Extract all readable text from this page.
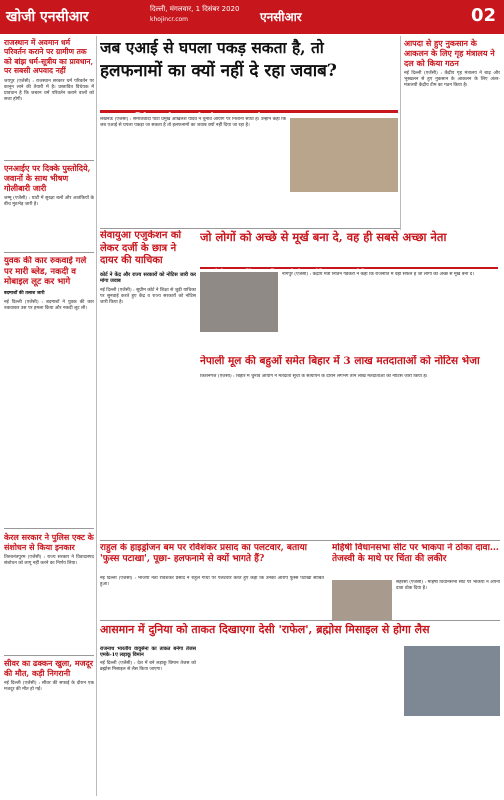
खोजी एनसीआर	दिल्ली, मंगलवार, 1 दिसंबर 2020
khojincr.com	एनसीआर	02
राजस्थान में अवमान धर्म परिवर्तन कराने पर ग्रामीण तक को बांझ धर्म-सूत्रीय का प्रावधान, पर सबसी अपवाद नहीं
जयपुर (एजेंसी) : राजस्थान सरकार धर्म परिवर्तन पर कानून लाने की तैयारी में है। प्रस्तावित विधेयक में प्रावधान है कि जबरन धर्म परिवर्तन कराने वालों को सजा होगी।
एनआईए पर दिक्के पुस्तोदिये, जवानों के साथ भीषण गोलीबारी जारी
जम्मू (एजेंसी) : घाटी में सुरक्षा बलों और आतंकियों के बीच मुठभेड़ जारी है।
युवक की कार रुकवाई गले पर मारी ब्लेड, नकदी व मोबाइल लूट कर भागे
बदमाशों की तलाश जारी
नई दिल्ली (एजेंसी) : बदमाशों ने युवक की कार रुकवाकर उस पर हमला किया और नकदी लूट ली।
केरल सरकार ने पुलिस एक्ट के संशोधन से किया इनकार
तिरुवनंतपुरम (एजेंसी) : राज्य सरकार ने विवादास्पद संशोधन को लागू नहीं करने का निर्णय लिया।
सीवर का ढक्कन खुला, मजदूर की मौत, कड़ी निगरानी
नई दिल्ली (एजेंसी) : सीवर की सफाई के दौरान एक मजदूर की मौत हो गई।
जब एआई से घपला पकड़ सकता है, तो
हलफनामों का क्यों नहीं दे रहा जवाब?
लखनऊ (एजेंसी) : समाजवादी पार्टी प्रमुख अखिलेश यादव ने चुनाव आयोग पर निशाना साधा है। उन्होंने कहा कि जब एआई से घपला पकड़ा जा सकता है तो हलफनामों का जवाब क्यों नहीं दिया जा रहा है।
सेवायुआ एजुकेशन को लेकर दर्जी के छात्र ने दायर की याचिका
कोर्ट ने केंद्र और राज्य सरकारों को नोटिस जारी कर मांगा जवाब
नई दिल्ली (एजेंसी) : सुप्रीम कोर्ट ने शिक्षा से जुड़ी याचिका पर सुनवाई करते हुए केंद्र व राज्य सरकारों को नोटिस जारी किया है।
जो लोगों को अच्छे से मूर्ख बना दे, वह ही सबसे अच्छा नेता
नागपुर (एजेंसी) : केंद्रीय मंत्री नितिन गडकरी ने कहा कि राजनीति में वही सफल है जो लोगों को अच्छे से मूर्ख बना दे।
नेपाली मूल की बहुओं समेत बिहार में 3 लाख मतदाताओं को नोटिस भेजा
किशनगंज (एजेंसी) : बिहार में चुनाव आयोग ने मतदाता सूची के सत्यापन के दौरान लगभग तीन लाख मतदाताओं को नोटिस जारी किया है।
राहुल के हाइड्रोजन बम पर रविशंकर प्रसाद का पलटवार, बताया 'फुस्स पटाखा', पूछा- हलफनामे से क्यों भागते हैं?
नई दिल्ली (एजेंसी) : भाजपा नेता रविशंकर प्रसाद ने राहुल गांधी पर पलटवार करते हुए कहा कि उनका आरोप फुस्स पटाखा साबित हुआ।
महिषी विधानसभा सीट पर भाकपा ने ठोका दावा…तेजस्वी के माथे पर चिंता की लकीर
सहरसा (एजेंसी) : महिषी विधानसभा सीट पर भाकपा ने अपना दावा ठोक दिया है।
आसमान में दुनिया को ताकत दिखाएगा देसी 'राफेल', ब्रह्मोस मिसाइल से होगा लैस
राजनाथ भारतीय वायुसेना का ताकत बनेगा तेजस एमके-1ए लड़ाकू विमान
नई दिल्ली (एजेंसी) : देश में बने लड़ाकू विमान तेजस को ब्रह्मोस मिसाइल से लैस किया जाएगा।
आपदा से हुए नुकसान के आकलन के लिए गृह मंत्रालय ने दल को किया गठन
नई दिल्ली (एजेंसी) : केंद्रीय गृह मंत्रालय ने बाढ़ और भूस्खलन से हुए नुकसान के आकलन के लिए अंतर-मंत्रालयी केंद्रीय टीम का गठन किया है।
